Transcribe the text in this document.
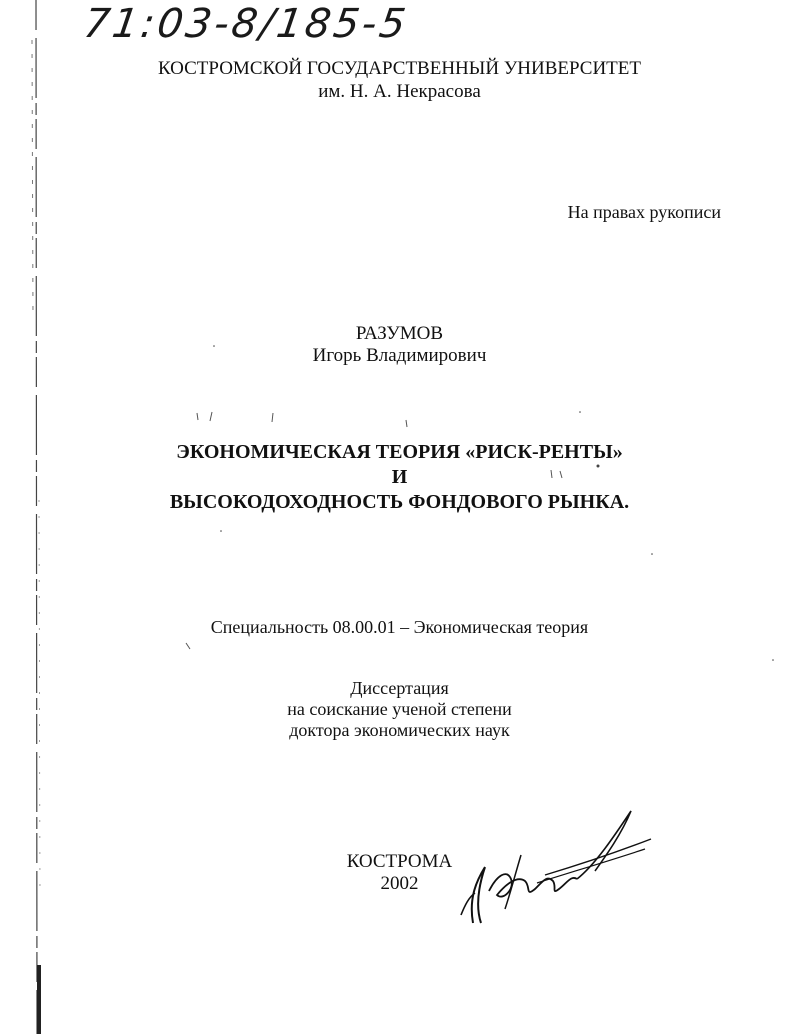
71:03-8/185-5
КОСТРОМСКОЙ ГОСУДАРСТВЕННЫЙ УНИВЕРСИТЕТ
им. Н. А. Некрасова
На правах рукописи
РАЗУМОВ
Игорь Владимирович
ЭКОНОМИЧЕСКАЯ ТЕОРИЯ «РИСК-РЕНТЫ»
И
ВЫСОКОДОХОДНОСТЬ ФОНДОВОГО РЫНКА.
Специальность 08.00.01 – Экономическая теория
Диссертация
на соискание ученой степени
доктора экономических наук
КОСТРОМА
2002
